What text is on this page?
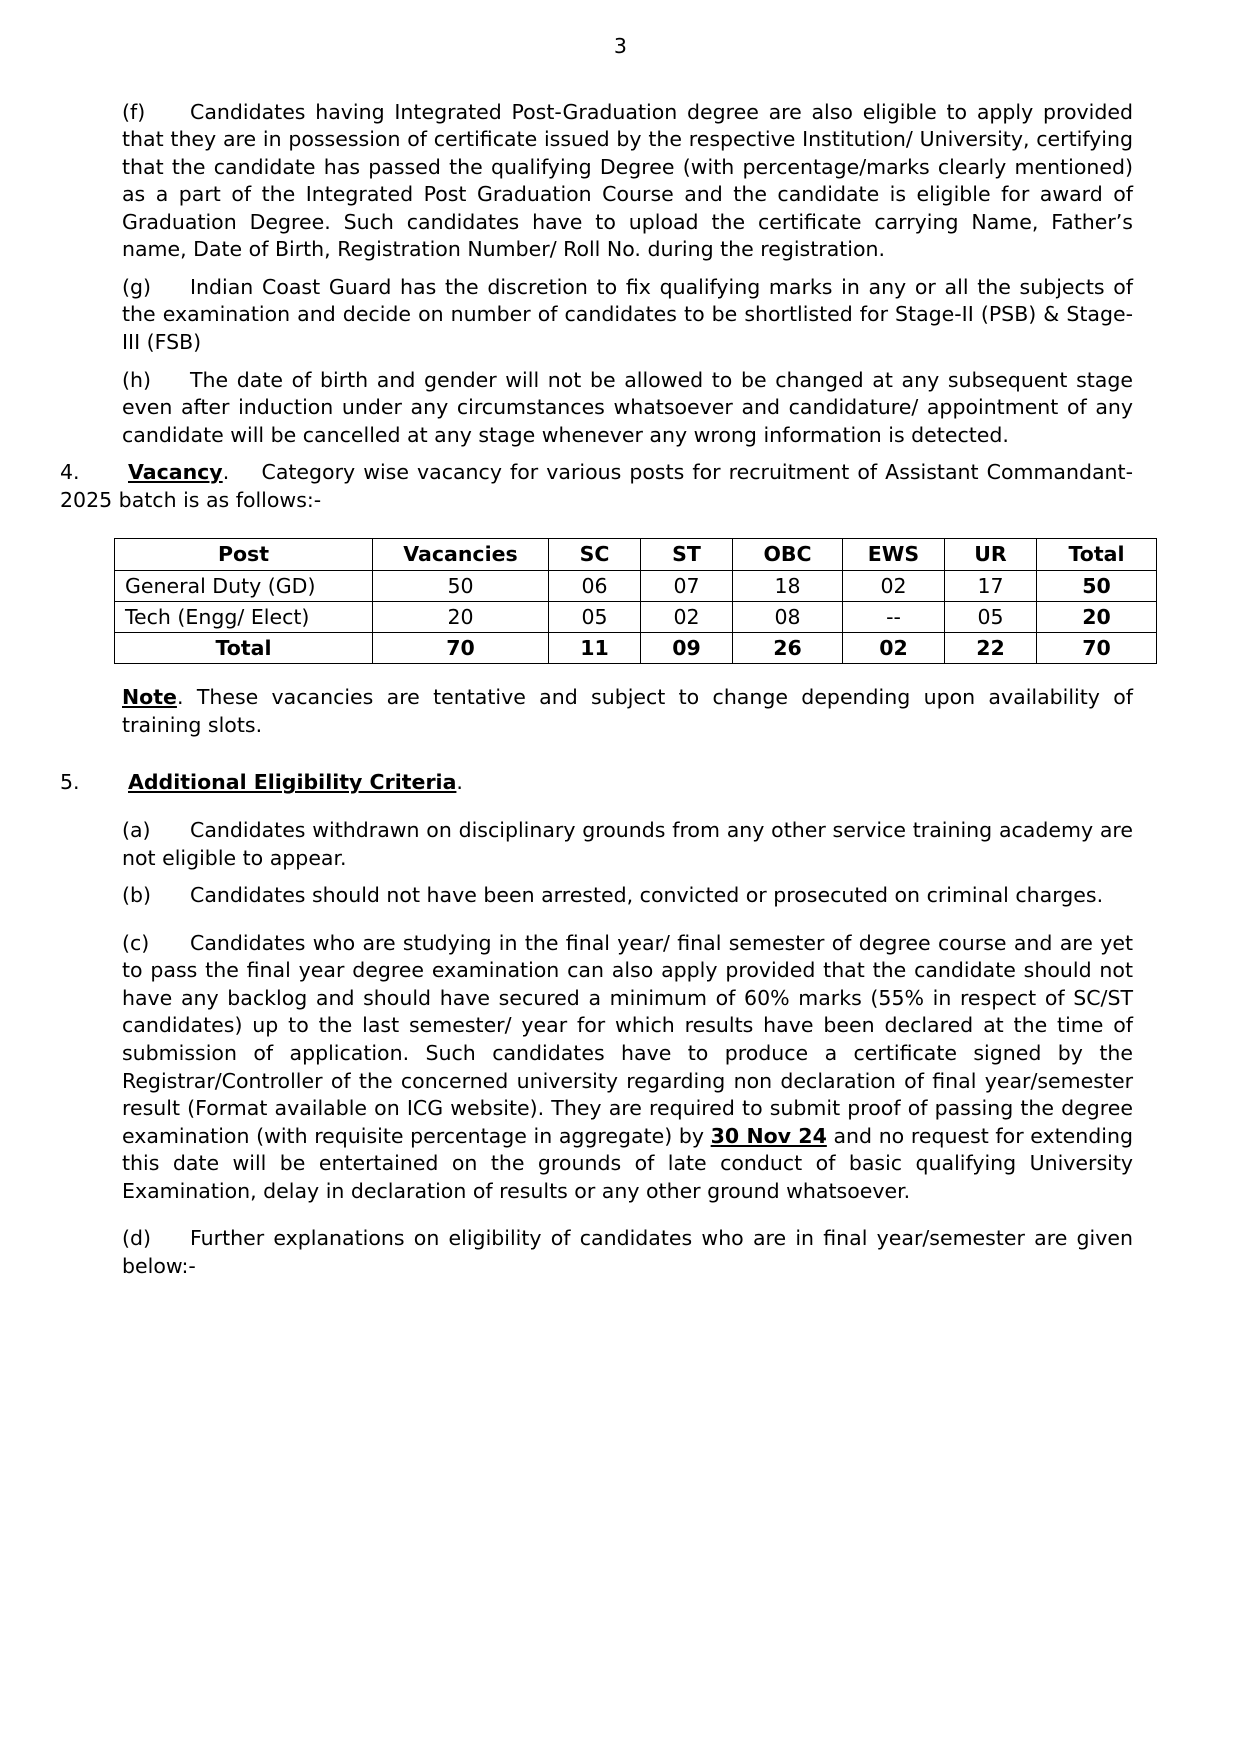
3

(f) Candidates having Integrated Post-Graduation degree are also eligible to apply provided that they are in possession of certificate issued by the respective Institution/ University, certifying that the candidate has passed the qualifying Degree (with percentage/marks clearly mentioned) as a part of the Integrated Post Graduation Course and the candidate is eligible for award of Graduation Degree. Such candidates have to upload the certificate carrying Name, Father’s name, Date of Birth, Registration Number/ Roll No. during the registration.

(g) Indian Coast Guard has the discretion to fix qualifying marks in any or all the subjects of the examination and decide on number of candidates to be shortlisted for Stage-II (PSB) & Stage-III (FSB)

(h) The date of birth and gender will not be allowed to be changed at any subsequent stage even after induction under any circumstances whatsoever and candidature/ appointment of any candidate will be cancelled at any stage whenever any wrong information is detected.

4. Vacancy. Category wise vacancy for various posts for recruitment of Assistant Commandant-2025 batch is as follows:-

Post	Vacancies	SC	ST	OBC	EWS	UR	Total
General Duty (GD)	50	06	07	18	02	17	50
Tech (Engg/ Elect)	20	05	02	08	--	05	20
Total	70	11	09	26	02	22	70

Note. These vacancies are tentative and subject to change depending upon availability of training slots.

5. Additional Eligibility Criteria.

(a) Candidates withdrawn on disciplinary grounds from any other service training academy are not eligible to appear.

(b) Candidates should not have been arrested, convicted or prosecuted on criminal charges.

(c) Candidates who are studying in the final year/ final semester of degree course and are yet to pass the final year degree examination can also apply provided that the candidate should not have any backlog and should have secured a minimum of 60% marks (55% in respect of SC/ST candidates) up to the last semester/ year for which results have been declared at the time of submission of application. Such candidates have to produce a certificate signed by the Registrar/Controller of the concerned university regarding non declaration of final year/semester result (Format available on ICG website). They are required to submit proof of passing the degree examination (with requisite percentage in aggregate) by 30 Nov 24 and no request for extending this date will be entertained on the grounds of late conduct of basic qualifying University Examination, delay in declaration of results or any other ground whatsoever.

(d) Further explanations on eligibility of candidates who are in final year/semester are given below:-
